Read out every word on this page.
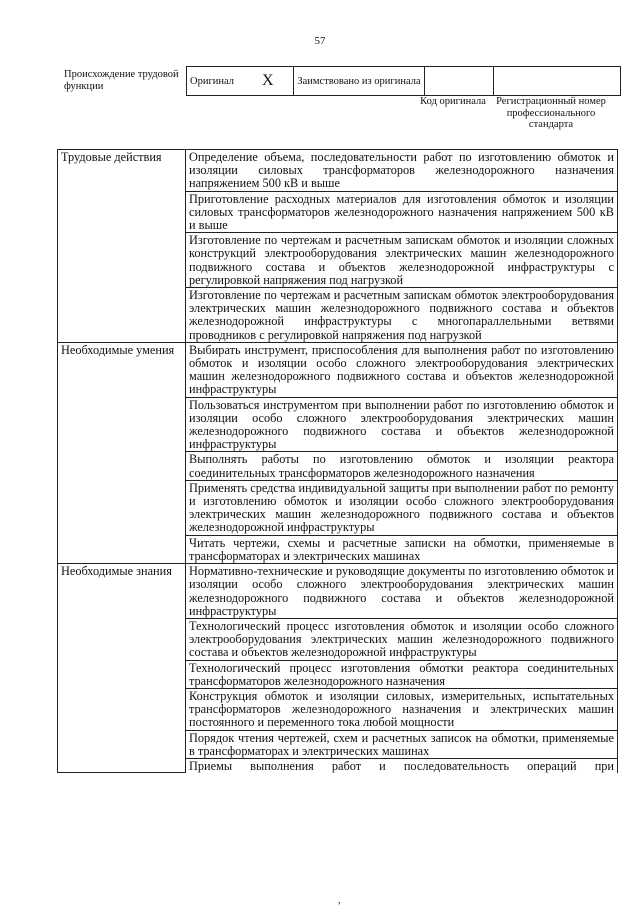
57
Происхождение трудовой функции	Оригинал	X	Заимствовано из оригинала		
Код оригинала Регистрационный номер профессионального стандарта
Трудовые действия	Определение объема, последовательности работ по изготовлению обмоток и изоляции силовых трансформаторов железнодорожного назначения напряжением 500 кВ и выше
	Приготовление расходных материалов для изготовления обмоток и изоляции силовых трансформаторов железнодорожного назначения напряжением 500 кВ и выше
	Изготовление по чертежам и расчетным запискам обмоток и изоляции сложных конструкций электрооборудования электрических машин железнодорожного подвижного состава и объектов железнодорожной инфраструктуры с регулировкой напряжения под нагрузкой
	Изготовление по чертежам и расчетным запискам обмоток электрооборудования электрических машин железнодорожного подвижного состава и объектов железнодорожной инфраструктуры с многопараллельными ветвями проводников с регулировкой напряжения под нагрузкой
Необходимые умения	Выбирать инструмент, приспособления для выполнения работ по изготовлению обмоток и изоляции особо сложного электрооборудования электрических машин железнодорожного подвижного состава и объектов железнодорожной инфраструктуры
	Пользоваться инструментом при выполнении работ по изготовлению обмоток и изоляции особо сложного электрооборудования электрических машин железнодорожного подвижного состава и объектов железнодорожной инфраструктуры
	Выполнять работы по изготовлению обмоток и изоляции реактора соединительных трансформаторов железнодорожного назначения
	Применять средства индивидуальной защиты при выполнении работ по ремонту и изготовлению обмоток и изоляции особо сложного электрооборудования электрических машин железнодорожного подвижного состава и объектов железнодорожной инфраструктуры
	Читать чертежи, схемы и расчетные записки на обмотки, применяемые в трансформаторах и электрических машинах
Необходимые знания	Нормативно-технические и руководящие документы по изготовлению обмоток и изоляции особо сложного электрооборудования электрических машин железнодорожного подвижного состава и объектов железнодорожной инфраструктуры
	Технологический процесс изготовления обмоток и изоляции особо сложного электрооборудования электрических машин железнодорожного подвижного состава и объектов железнодорожной инфраструктуры
	Технологический процесс изготовления обмотки реактора соединительных трансформаторов железнодорожного назначения
	Конструкция обмоток и изоляции силовых, измерительных, испытательных трансформаторов железнодорожного назначения и электрических машин постоянного и переменного тока любой мощности
	Порядок чтения чертежей, схем и расчетных записок на обмотки, применяемые в трансформаторах и электрических машинах

	Приемы выполнения работ и последовательность операций при
,
